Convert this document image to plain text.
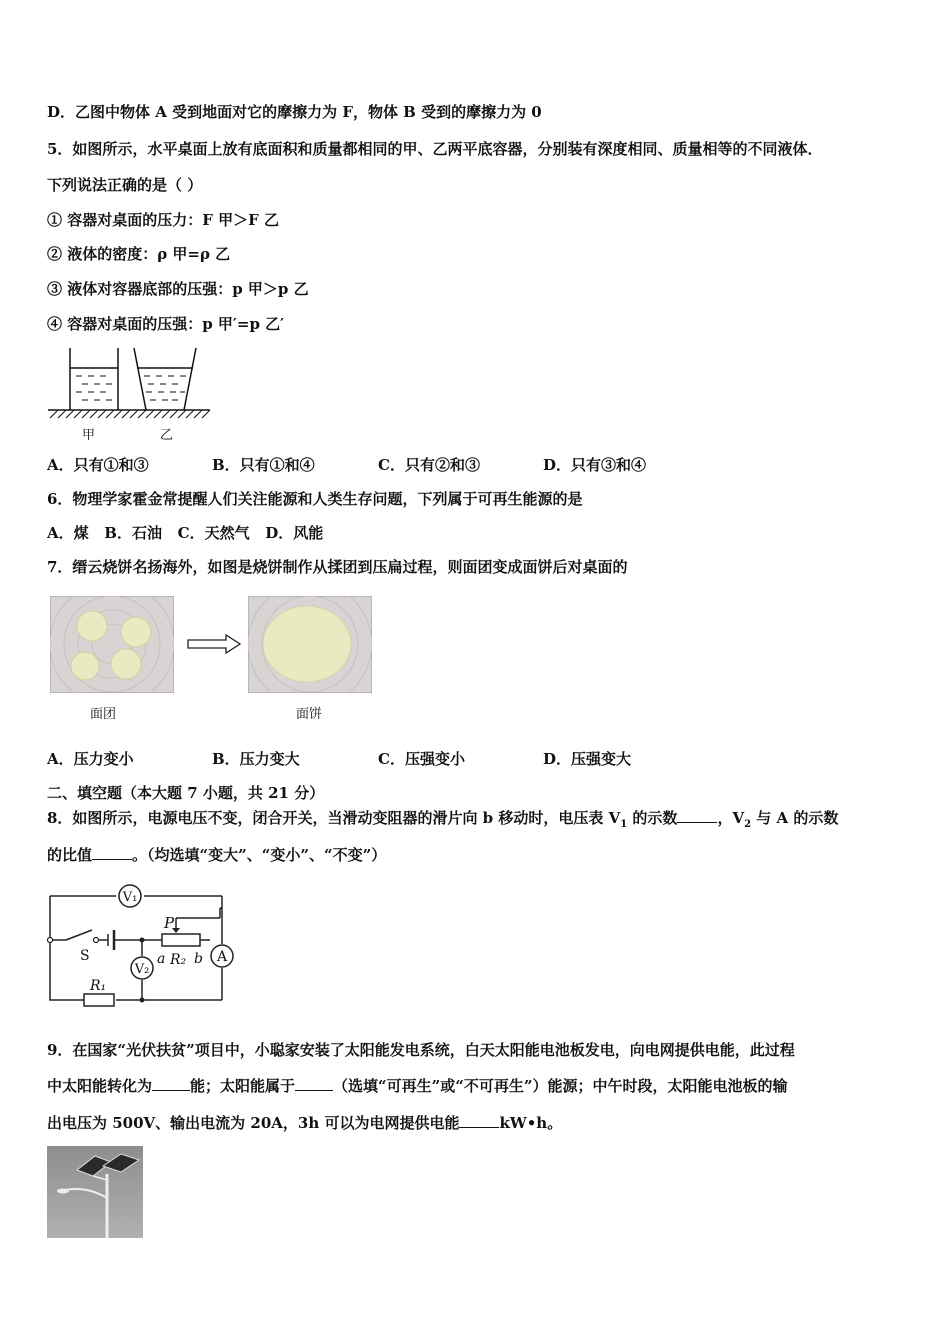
D．乙图中物体 A 受到地面对它的摩擦力为 F，物体 B 受到的摩擦力为 0
5．如图所示，水平桌面上放有底面积和质量都相同的甲、乙两平底容器，分别装有深度相同、质量相等的不同液体．
下列说法正确的是（ ）
① 容器对桌面的压力：F 甲＞F 乙
② 液体的密度：ρ 甲=ρ 乙
③ 液体对容器底部的压强：p 甲＞p 乙
④ 容器对桌面的压强：p 甲′=p 乙′
甲	乙
A．只有①和③	B．只有①和④	C．只有②和③	D．只有③和④
6．物理学家霍金常提醒人们关注能源和人类生存问题，下列属于可再生能源的是
A．煤   B．石油   C．天然气   D．风能
7．缙云烧饼名扬海外，如图是烧饼制作从揉团到压扁过程，则面团变成面饼后对桌面的
面团	面饼
A．压力变小	B．压力变大	C．压强变小	D．压强变大
二、填空题（本大题 7 小题，共 21 分）
8．如图所示，电源电压不变，闭合开关，当滑动变阻器的滑片向 b 移动时，电压表 $V_1$ 的示数	，$V_2$ 与 A 的示数
的比值	。（均选填“变大”、“变小”、“不变”）
V₁
V₂
A
S
P
a R₂ b
R₁
9．在国家“光伏扶贫”项目中，小聪家安装了太阳能发电系统，白天太阳能电池板发电，向电网提供电能，此过程
中太阳能转化为	能；太阳能属于	（选填“可再生”或“不可再生”）能源；中午时段，太阳能电池板的输
出电压为 500V、输出电流为 20A，3h 可以为电网提供电能	kW•h。
